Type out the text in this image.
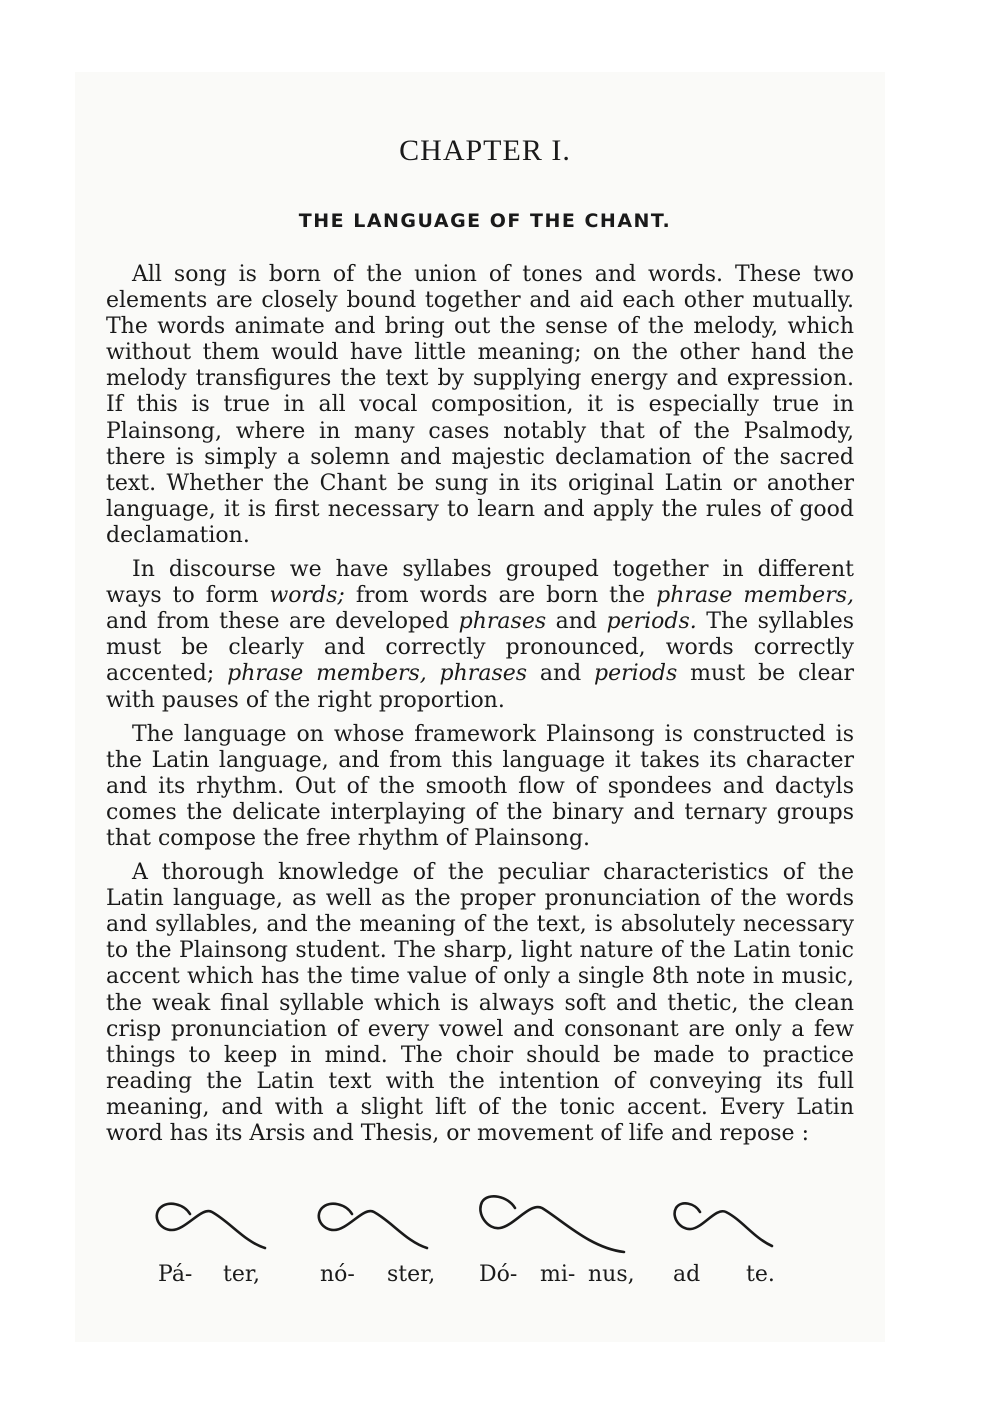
CHAPTER I.
THE LANGUAGE OF THE CHANT.

All song is born of the union of tones and words. These two elements are closely bound together and aid each other mutually. The words animate and bring out the sense of the melody, which without them would have little meaning; on the other hand the melody transfigures the text by supplying energy and expression. If this is true in all vocal composition, it is especially true in Plainsong, where in many cases notably that of the Psalmody, there is simply a solemn and majestic declamation of the sacred text. Whether the Chant be sung in its original Latin or another language, it is first necessary to learn and apply the rules of good declamation.

In discourse we have syllabes grouped together in different ways to form words; from words are born the phrase members, and from these are developed phrases and periods. The syllables must be clearly and correctly pronounced, words correctly accented; phrase members, phrases and periods must be clear with pauses of the right proportion.

The language on whose framework Plainsong is constructed is the Latin language, and from this language it takes its character and its rhythm. Out of the smooth flow of spondees and dactyls comes the delicate interplaying of the binary and ternary groups that compose the free rhythm of Plainsong.

A thorough knowledge of the peculiar characteristics of the Latin language, as well as the proper pronunciation of the words and syllables, and the meaning of the text, is absolutely necessary to the Plainsong student. The sharp, light nature of the Latin tonic accent which has the time value of only a single 8th note in music, the weak final syllable which is always soft and thetic, the clean crisp pronunciation of every vowel and consonant are only a few things to keep in mind. The choir should be made to practice reading the Latin text with the intention of conveying its full meaning, and with a slight lift of the tonic accent. Every Latin word has its Arsis and Thesis, or movement of life and repose :

Pá- ter,	nó- ster, Dó- mi- nus, ad te.
